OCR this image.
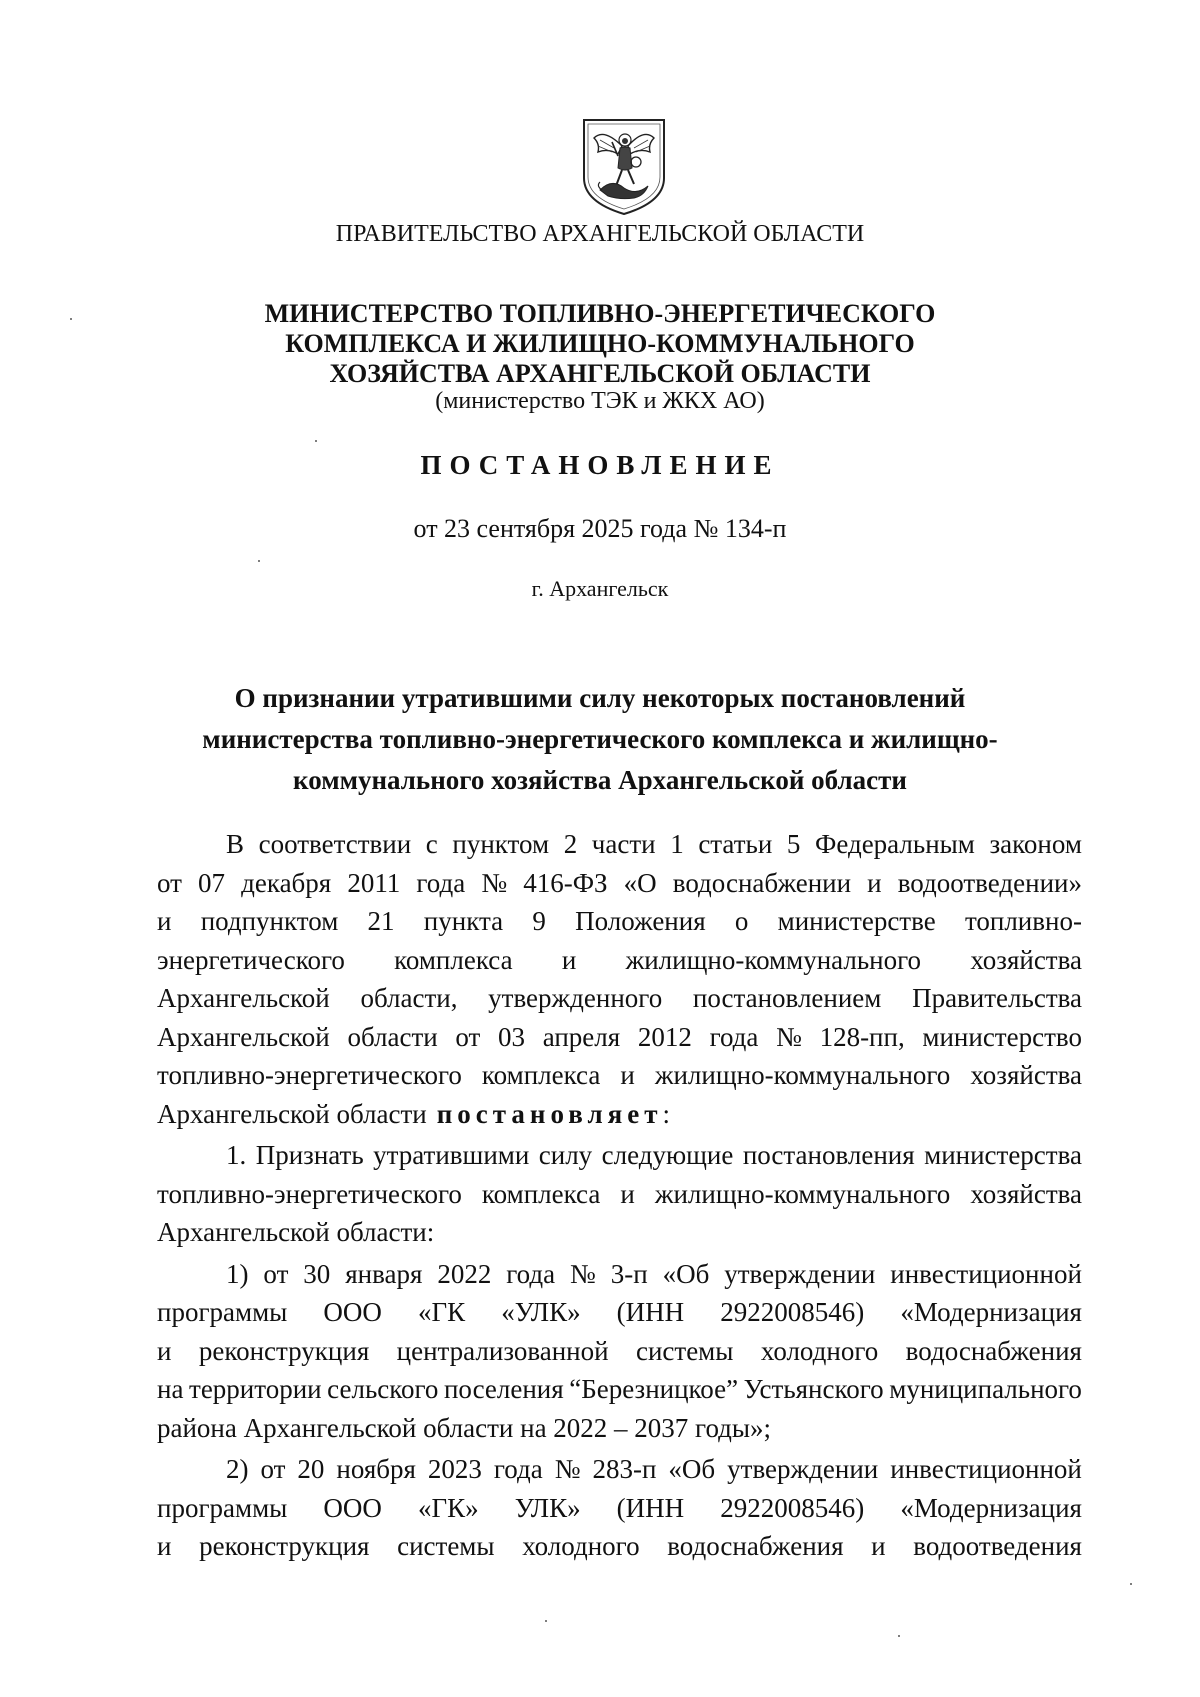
ПРАВИТЕЛЬСТВО АРХАНГЕЛЬСКОЙ ОБЛАСТИ
МИНИСТЕРСТВО ТОПЛИВНО-ЭНЕРГЕТИЧЕСКОГО
КОМПЛЕКСА И ЖИЛИЩНО-КОММУНАЛЬНОГО
ХОЗЯЙСТВА АРХАНГЕЛЬСКОЙ ОБЛАСТИ
(министерство ТЭК и ЖКХ АО)
ПОСТАНОВЛЕНИЕ
от 23 сентября 2025 года № 134-п
г. Архангельск
О признании утратившими силу некоторых постановлений
министерства топливно-энергетического комплекса и жилищно-
коммунального хозяйства Архангельской области
В соответствии с пунктом 2 части 1 статьи 5 Федеральным законом
от 07 декабря 2011 года № 416-ФЗ «О водоснабжении и водоотведении»
и подпунктом 21 пункта 9 Положения о министерстве топливно-
энергетического комплекса и жилищно-коммунального хозяйства
Архангельской области, утвержденного постановлением Правительства
Архангельской области от 03 апреля 2012 года № 128-пп, министерство
топливно-энергетического комплекса и жилищно-коммунального хозяйства
Архангельской области постановляет :
1. Признать утратившими силу следующие постановления министерства
топливно-энергетического комплекса и жилищно-коммунального хозяйства
Архангельской области:
1) от 30 января 2022 года № 3-п «Об утверждении инвестиционной
программы ООО «ГК «УЛК» (ИНН 2922008546) «Модернизация
и реконструкция централизованной системы холодного водоснабжения
на территории сельского поселения “Березницкое” Устьянского муниципального
района Архангельской области на 2022 – 2037 годы»;
2) от 20 ноября 2023 года № 283-п «Об утверждении инвестиционной
программы ООО «ГК» УЛК» (ИНН 2922008546) «Модернизация
и реконструкция системы холодного водоснабжения и водоотведения
